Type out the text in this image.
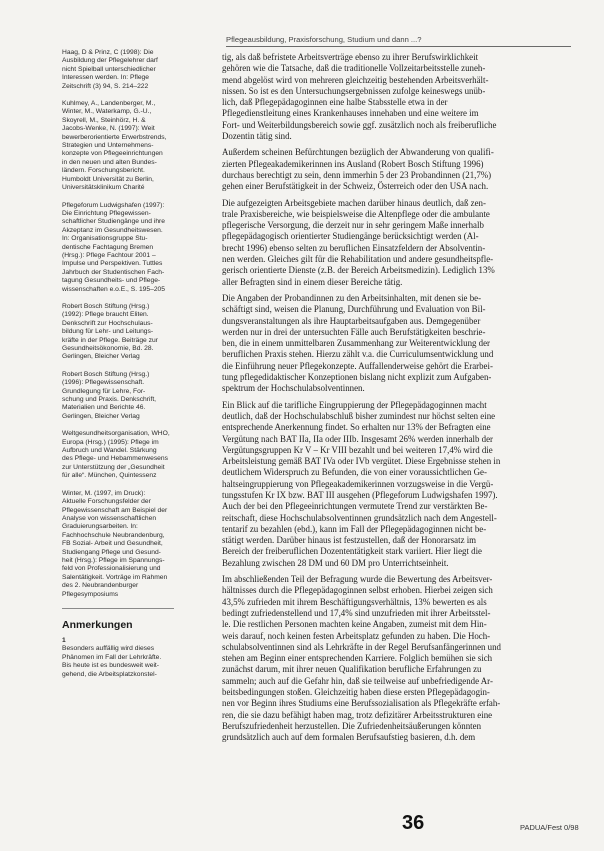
Pflegeausbildung, Praxisforschung, Studium und dann ...?
Haag, D & Prinz, C (1998): Die
Ausbildung der Pflegelehrer darf
nicht Spielball unterschiedlicher
Interessen werden. In: Pflege
Zeitschrift (3) 94, S. 214–222
Kuhlmey, A., Landenberger, M.,
Winter, M., Waterkamp, G.-U.,
Skoyrell, M., Steinhörz, H. &
Jacobs-Wenke, N. (1997): Weit
bewerberorientierte Erwerbstrends,
Strategien und Unternehmens-
konzepte von Pflegeeinrichtungen
in den neuen und alten Bundes-
ländern. Forschungsbericht.
Humboldt Universität zu Berlin,
Universitätsklinikum Charité
Pflegeforum Ludwigshafen (1997):
Die Einrichtung Pflegewissen-
schaftlicher Studiengänge und ihre
Akzeptanz im Gesundheitswesen.
In: Organisationsgruppe Stu-
dentische Fachtagung Bremen
(Hrsg.): Pflege Fachtour 2001 –
Impulse und Perspektiven. Tuttles
Jahrbuch der Studentischen Fach-
tagung Gesundheits- und Pflege-
wissenschaften e.o.E., S. 195–205
Robert Bosch Stiftung (Hrsg.)
(1992): Pflege braucht Eliten.
Denkschrift zur Hochschulaus-
bildung für Lehr- und Leitungs-
kräfte in der Pflege. Beiträge zur
Gesundheitsökonomie, Bd. 28.
Gerlingen, Bleicher Verlag
Robert Bosch Stiftung (Hrsg.)
(1996): Pflegewissenschaft.
Grundlegung für Lehre, For-
schung und Praxis. Denkschrift,
Materialien und Berichte 46.
Gerlingen, Bleicher Verlag
Weltgesundheitsorganisation, WHO,
Europa (Hrsg.) (1995): Pflege im
Aufbruch und Wandel. Stärkung
des Pflege- und Hebammenwesens
zur Unterstützung der „Gesundheit
für alle“. München, Quintessenz
Winter, M. (1997, im Druck):
Aktuelle Forschungsfelder der
Pflegewissenschaft am Beispiel der
Analyse von wissenschaftlichen
Graduierungsarbeiten. In:
Fachhochschule Neubrandenburg,
FB Sozial- Arbeit und Gesundheit,
Studiengang Pflege und Gesund-
heit (Hrsg.): Pflege im Spannungs-
feld von Professionalisierung und
Salentätigkeit. Vorträge im Rahmen
des 2. Neubrandenburger
Pflegesymposiums
Anmerkungen
1
Besonders auffällig wird dieses
Phänomen im Fall der Lehrkräfte.
Bis heute ist es bundesweit weit-
gehend, die Arbeitsplatzkonstel-
tig, als daß befristete Arbeitsverträge ebenso zu ihrer Berufswirklichkeit
gehören wie die Tatsache, daß die traditionelle Vollzeitarbeitsstelle zuneh-
mend abgelöst wird von mehreren gleichzeitig bestehenden Arbeitsverhält-
nissen. So ist es den Untersuchungsergebnissen zufolge keineswegs unüb-
lich, daß Pflegepädagoginnen eine halbe Stabsstelle etwa in der
Pflegedienstleitung eines Krankenhauses innehaben und eine weitere im
Fort- und Weiterbildungsbereich sowie ggf. zusätzlich noch als freiberufliche
Dozentin tätig sind.
Außerdem scheinen Befürchtungen bezüglich der Abwanderung von qualifi-
zierten Pflegeakademikerinnen ins Ausland (Robert Bosch Stiftung 1996)
durchaus berechtigt zu sein, denn immerhin 5 der 23 Probandinnen (21,7%)
gehen einer Berufstätigkeit in der Schweiz, Österreich oder den USA nach.
Die aufgezeigten Arbeitsgebiete machen darüber hinaus deutlich, daß zen-
trale Praxisbereiche, wie beispielsweise die Altenpflege oder die ambulante
pflegerische Versorgung, die derzeit nur in sehr geringem Maße innerhalb
pflegepädagogisch orientierter Studiengänge berücksichtigt werden (Al-
brecht 1996) ebenso selten zu beruflichen Einsatzfeldern der Absolventin-
nen werden. Gleiches gilt für die Rehabilitation und andere gesundheitspfle-
gerisch orientierte Dienste (z.B. der Bereich Arbeitsmedizin). Lediglich 13%
aller Befragten sind in einem dieser Bereiche tätig.
Die Angaben der Probandinnen zu den Arbeitsinhalten, mit denen sie be-
schäftigt sind, weisen die Planung, Durchführung und Evaluation von Bil-
dungsveranstaltungen als ihre Hauptarbeitsaufgaben aus. Demgegenüber
werden nur in drei der untersuchten Fälle auch Berufstätigkeiten beschrie-
ben, die in einem unmittelbaren Zusammenhang zur Weiterentwicklung der
beruflichen Praxis stehen. Hierzu zählt v.a. die Curriculumsentwicklung und
die Einführung neuer Pflegekonzepte. Auffallenderweise gehört die Erarbei-
tung pflegedidaktischer Konzeptionen bislang nicht explizit zum Aufgaben-
spektrum der Hochschulabsolventinnen.
Ein Blick auf die tarifliche Eingruppierung der Pflegepädagoginnen macht
deutlich, daß der Hochschulabschluß bisher zumindest nur höchst selten eine
entsprechende Anerkennung findet. So erhalten nur 13% der Befragten eine
Vergütung nach BAT IIa, IIa oder IIIb. Insgesamt 26% werden innerhalb der
Vergütungsgruppen Kr V – Kr VIII bezahlt und bei weiteren 17,4% wird die
Arbeitsleistung gemäß BAT IVa oder IVb vergütet. Diese Ergebnisse stehen in
deutlichem Widerspruch zu Befunden, die von einer voraussichtlichen Ge-
haltseingruppierung von Pflegeakademikerinnen vorzugsweise in die Vergü-
tungsstufen Kr IX bzw. BAT III ausgehen (Pflegeforum Ludwigshafen 1997).
Auch der bei den Pflegeeinrichtungen vermutete Trend zur verstärkten Be-
reitschaft, diese Hochschulabsolventinnen grundsätzlich nach dem Angestell-
tentarif zu bezahlen (ebd.), kann im Fall der Pflegepädagoginnen nicht be-
stätigt werden. Darüber hinaus ist festzustellen, daß der Honorarsatz im
Bereich der freiberuflichen Dozententätigkeit stark variiert. Hier liegt die
Bezahlung zwischen 28 DM und 60 DM pro Unterrichtseinheit.
Im abschließenden Teil der Befragung wurde die Bewertung des Arbeitsver-
hältnisses durch die Pflegepädagoginnen selbst erhoben. Hierbei zeigen sich
43,5% zufrieden mit ihrem Beschäftigungsverhältnis, 13% bewerten es als
bedingt zufriedenstellend und 17,4% sind unzufrieden mit ihrer Arbeitsstel-
le. Die restlichen Personen machten keine Angaben, zumeist mit dem Hin-
weis darauf, noch keinen festen Arbeitsplatz gefunden zu haben. Die Hoch-
schulabsolventinnen sind als Lehrkräfte in der Regel Berufsanfängerinnen und
stehen am Beginn einer entsprechenden Karriere. Folglich bemühen sie sich
zunächst darum, mit ihrer neuen Qualifikation berufliche Erfahrungen zu
sammeln; auch auf die Gefahr hin, daß sie teilweise auf unbefriedigende Ar-
beitsbedingungen stoßen. Gleichzeitig haben diese ersten Pflegepädagogin-
nen vor Beginn ihres Studiums eine Berufssozialisation als Pflegekräfte erfah-
ren, die sie dazu befähigt haben mag, trotz defizitärer Arbeitsstrukturen eine
Berufszufriedenheit herzustellen. Die Zufriedenheitsäußerungen könnten
grundsätzlich auch auf dem formalen Berufsaufstieg basieren, d.h. dem
36	PADUA/Fest 0/98
